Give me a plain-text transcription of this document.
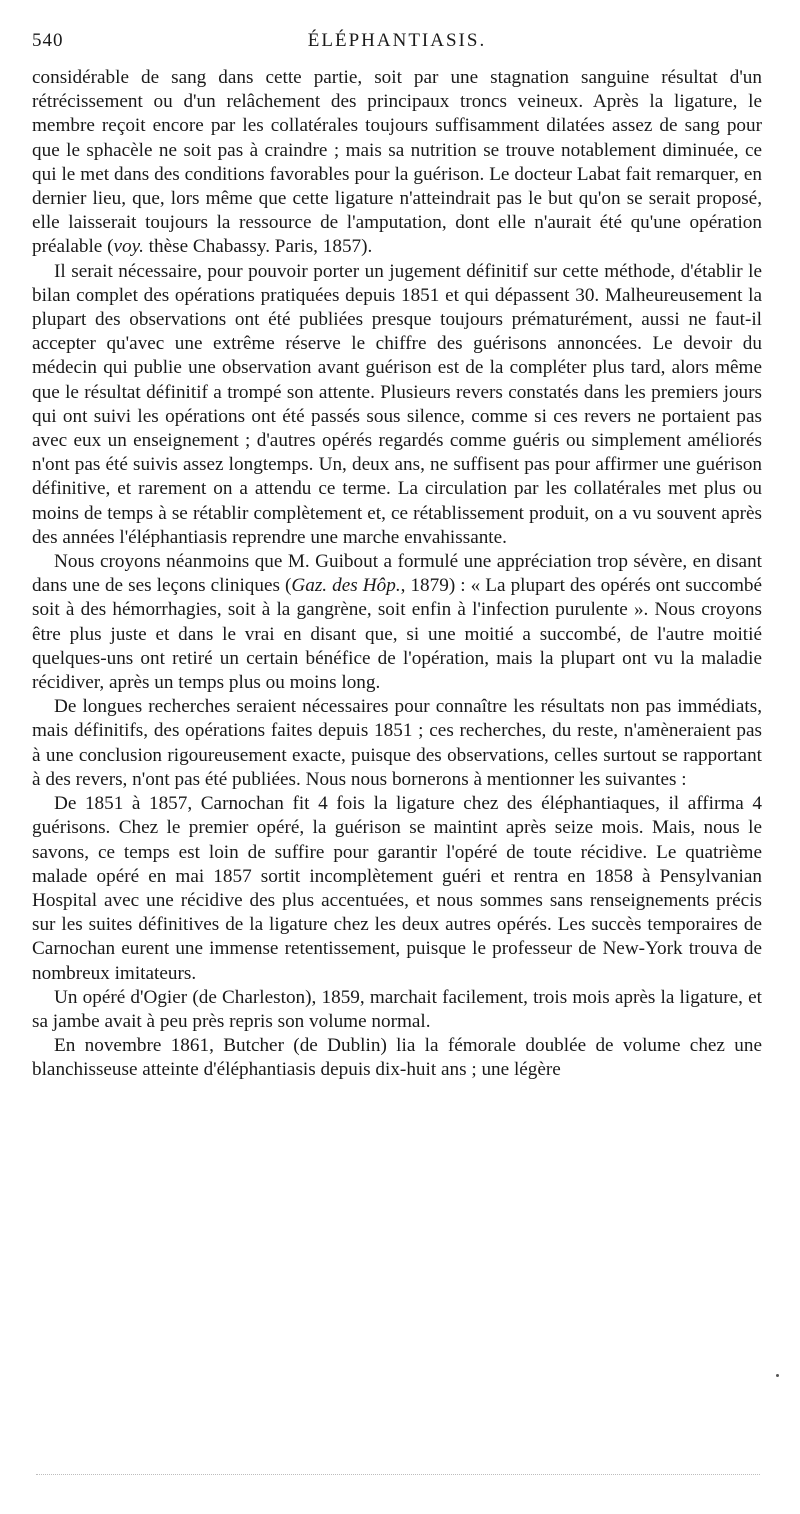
540	ÉLÉPHANTIASIS.

considérable de sang dans cette partie, soit par une stagnation sanguine résultat d'un rétrécissement ou d'un relâchement des principaux troncs veineux. Après la ligature, le membre reçoit encore par les collatérales toujours suffisamment dilatées assez de sang pour que le sphacèle ne soit pas à craindre ; mais sa nutrition se trouve notablement diminuée, ce qui le met dans des conditions favorables pour la guérison. Le docteur Labat fait remarquer, en dernier lieu, que, lors même que cette ligature n'atteindrait pas le but qu'on se serait proposé, elle laisserait toujours la ressource de l'amputation, dont elle n'aurait été qu'une opération préalable (voy. thèse Chabassy. Paris, 1857).

Il serait nécessaire, pour pouvoir porter un jugement définitif sur cette méthode, d'établir le bilan complet des opérations pratiquées depuis 1851 et qui dépassent 30. Malheureusement la plupart des observations ont été publiées presque toujours prématurément, aussi ne faut-il accepter qu'avec une extrême réserve le chiffre des guérisons annoncées. Le devoir du médecin qui publie une observation avant guérison est de la compléter plus tard, alors même que le résultat définitif a trompé son attente. Plusieurs revers constatés dans les premiers jours qui ont suivi les opérations ont été passés sous silence, comme si ces revers ne portaient pas avec eux un enseignement ; d'autres opérés regardés comme guéris ou simplement améliorés n'ont pas été suivis assez longtemps. Un, deux ans, ne suffisent pas pour affirmer une guérison définitive, et rarement on a attendu ce terme. La circulation par les collatérales met plus ou moins de temps à se rétablir complètement et, ce rétablissement produit, on a vu souvent après des années l'éléphantiasis reprendre une marche envahissante.

Nous croyons néanmoins que M. Guibout a formulé une appréciation trop sévère, en disant dans une de ses leçons cliniques (Gaz. des Hôp., 1879) : « La plupart des opérés ont succombé soit à des hémorrhagies, soit à la gangrène, soit enfin à l'infection purulente ». Nous croyons être plus juste et dans le vrai en disant que, si une moitié a succombé, de l'autre moitié quelques-uns ont retiré un certain bénéfice de l'opération, mais la plupart ont vu la maladie récidiver, après un temps plus ou moins long.

De longues recherches seraient nécessaires pour connaître les résultats non pas immédiats, mais définitifs, des opérations faites depuis 1851 ; ces recherches, du reste, n'amèneraient pas à une conclusion rigoureusement exacte, puisque des observations, celles surtout se rapportant à des revers, n'ont pas été publiées. Nous nous bornerons à mentionner les suivantes :

De 1851 à 1857, Carnochan fit 4 fois la ligature chez des éléphantiaques, il affirma 4 guérisons. Chez le premier opéré, la guérison se maintint après seize mois. Mais, nous le savons, ce temps est loin de suffire pour garantir l'opéré de toute récidive. Le quatrième malade opéré en mai 1857 sortit incomplètement guéri et rentra en 1858 à Pensylvanian Hospital avec une récidive des plus accentuées, et nous sommes sans renseignements précis sur les suites définitives de la ligature chez les deux autres opérés. Les succès temporaires de Carnochan eurent une immense retentissement, puisque le professeur de New-York trouva de nombreux imitateurs.

Un opéré d'Ogier (de Charleston), 1859, marchait facilement, trois mois après la ligature, et sa jambe avait à peu près repris son volume normal.

En novembre 1861, Butcher (de Dublin) lia la fémorale doublée de volume chez une blanchisseuse atteinte d'éléphantiasis depuis dix-huit ans ; une légère
